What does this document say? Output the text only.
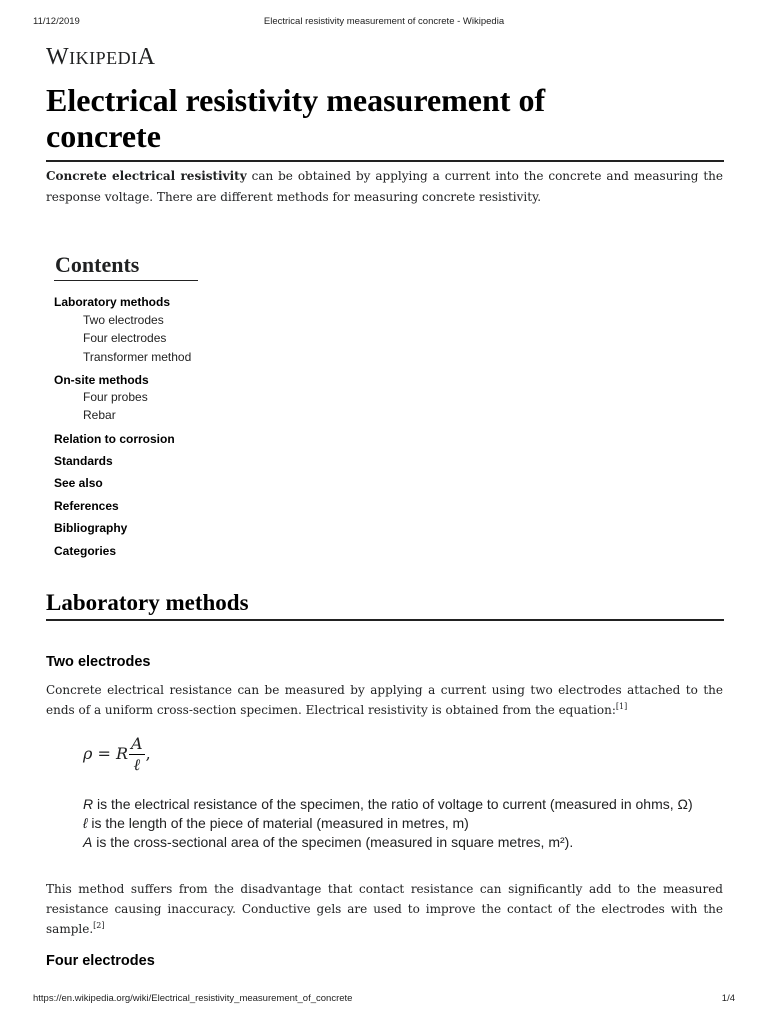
11/12/2019	Electrical resistivity measurement of concrete - Wikipedia
WIKIPEDIA
Electrical resistivity measurement of
concrete

Concrete electrical resistivity can be obtained by applying a current into the concrete and measuring the response voltage. There are different methods for measuring concrete resistivity.

Contents
Laboratory methods
Two electrodes
Four electrodes
Transformer method
On-site methods
Four probes
Rebar
Relation to corrosion
Standards
See also
References
Bibliography
Categories
Laboratory methods
Two electrodes

Concrete electrical resistance can be measured by applying a current using two electrodes attached to the ends of a uniform cross-section specimen. Electrical resistivity is obtained from the equation:[1]

ρ = R $\frac{A}{\text{ℓ}}$ ,
R is the electrical resistance of the specimen, the ratio of voltage to current (measured in ohms, Ω)
ℓ is the length of the piece of material (measured in metres, m)
A is the cross-sectional area of the specimen (measured in square metres, m²).

This method suffers from the disadvantage that contact resistance can significantly add to the measured resistance causing inaccuracy. Conductive gels are used to improve the contact of the electrodes with the sample.[2]

Four electrodes
https://en.wikipedia.org/wiki/Electrical_resistivity_measurement_of_concrete	1/4
